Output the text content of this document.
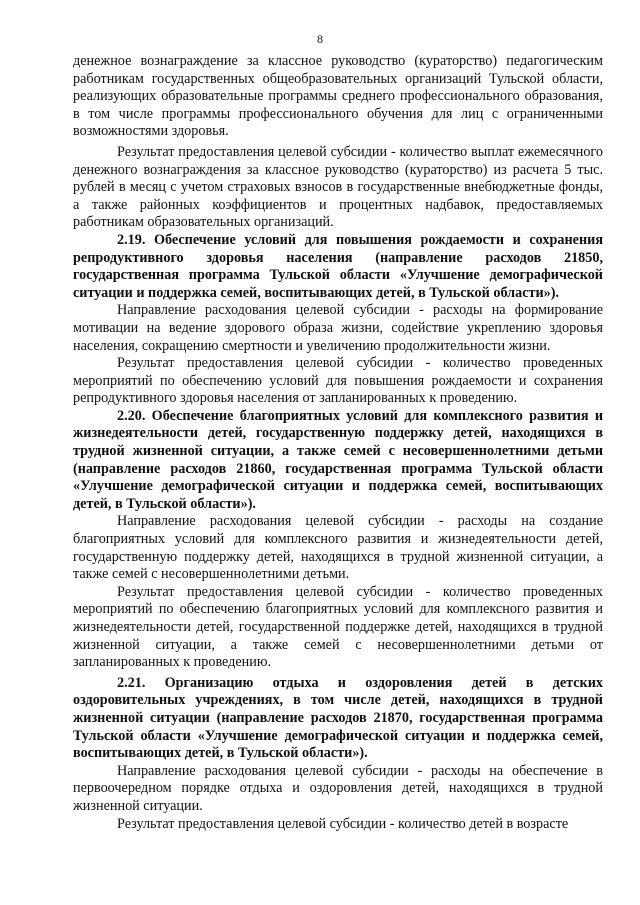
8

денежное вознаграждение за классное руководство (кураторство) педагогическим работникам государственных общеобразовательных организаций Тульской области, реализующих образовательные программы среднего профессионального образования, в том числе программы профессионального обучения для лиц с ограниченными возможностями здоровья.

Результат предоставления целевой субсидии - количество выплат ежемесячного денежного вознаграждения за классное руководство (кураторство) из расчета 5 тыс. рублей в месяц с учетом страховых взносов в государственные внебюджетные фонды, а также районных коэффициентов и процентных надбавок, предоставляемых работникам образовательных организаций.

2.19. Обеспечение условий для повышения рождаемости и сохранения репродуктивного здоровья населения (направление расходов 21850, государственная программа Тульской области «Улучшение демографической ситуации и поддержка семей, воспитывающих детей, в Тульской области»).

Направление расходования целевой субсидии - расходы на формирование мотивации на ведение здорового образа жизни, содействие укреплению здоровья населения, сокращению смертности и увеличению продолжительности жизни.

Результат предоставления целевой субсидии - количество проведенных мероприятий по обеспечению условий для повышения рождаемости и сохранения репродуктивного здоровья населения от запланированных к проведению.

2.20. Обеспечение благоприятных условий для комплексного развития и жизнедеятельности детей, государственную поддержку детей, находящихся в трудной жизненной ситуации, а также семей с несовершеннолетними детьми (направление расходов 21860, государственная программа Тульской области «Улучшение демографической ситуации и поддержка семей, воспитывающих детей, в Тульской области»).

Направление расходования целевой субсидии - расходы на создание благоприятных условий для комплексного развития и жизнедеятельности детей, государственную поддержку детей, находящихся в трудной жизненной ситуации, а также семей с несовершеннолетними детьми.

Результат предоставления целевой субсидии - количество проведенных мероприятий по обеспечению благоприятных условий для комплексного развития и жизнедеятельности детей, государственной поддержке детей, находящихся в трудной жизненной ситуации, а также семей с несовершеннолетними детьми от запланированных к проведению.

2.21. Организацию отдыха и оздоровления детей в детских оздоровительных учреждениях, в том числе детей, находящихся в трудной жизненной ситуации (направление расходов 21870, государственная программа Тульской области «Улучшение демографической ситуации и поддержка семей, воспитывающих детей, в Тульской области»).

Направление расходования целевой субсидии - расходы на обеспечение в первоочередном порядке отдыха и оздоровления детей, находящихся в трудной жизненной ситуации.

Результат предоставления целевой субсидии - количество детей в возрасте
